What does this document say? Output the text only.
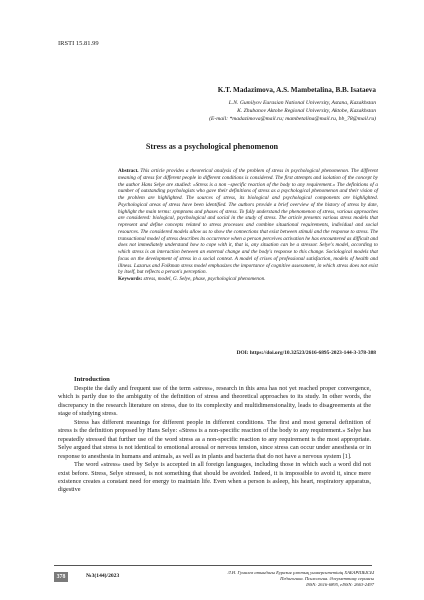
IRSTI 15.81.99
K.T. Madazimova, A.S. Mambetalina, B.B. Isataeva
L.N. Gumilyov Eurasian National University, Astana, Kazakhstan
K. Zhubanov Aktobe Regional University, Aktobe, Kazakhstan
(E-mail: *madazimova@mail.ru; mambetalina@mail.ru, bb_78@mail.ru)
Stress as a psychological phenomenon
Abstract. This article provides a theoretical analysis of the problem of stress in psychological phenomenon. The different meaning of stress for different people in different conditions is considered. The first attempts and isolation of the concept by the author Hans Selye are studied: «Stress is a non –specific reaction of the body to any requirement.» The definitions of a number of outstanding psychologists who gave their definitions of stress as a psychological phenomenon and their vision of the problem are highlighted. The sources of stress, its biological and psychological components are highlighted. Psychological areas of stress have been identified. The authors provide a brief overview of the history of stress by date, highlight the main terms: symptoms and phases of stress. To fully understand the phenomenon of stress, various approaches are considered: biological, psychological and social in the study of stress. The article presents various stress models that represent and define concepts related to stress processes and combine situational requirements, individual and social resources. The considered models allow us to show the connections that exist between stimuli and the response to stress. The transactional model of stress describes its occurrence when a person perceives activation he has encountered as difficult and does not immediately understand how to cope with it, that is, any situation can be a stressor. Selye's model, according to which stress is an interaction between an external change and the body's response to this change. Sociological models that focus on the development of stress in a social context. A model of crises of professional satisfaction, models of health and illness. Lazarus and Folkman stress model emphasizes the importance of cognitive assessment, in which stress does not exist by itself, but reflects a person's perception.
Keywords: stress, model, G. Selye, phase, psychological phenomenon.
DOI: https://doi.org/10.32523/2616-6895-2023-144-3-378-388
Introduction

Despite the daily and frequent use of the term «stress», research in this area has not yet reached proper convergence, which is partly due to the ambiguity of the definition of stress and theoretical approaches to its study. In other words, the discrepancy in the research literature on stress, due to its complexity and multidimensionality, leads to disagreements at the stage of studying stress.

Stress has different meanings for different people in different conditions. The first and most general definition of stress is the definition proposed by Hans Selye: «Stress is a non-specific reaction of the body to any requirement.» Selye has repeatedly stressed that further use of the word stress as a non-specific reaction to any requirement is the most appropriate. Selye argued that stress is not identical to emotional arousal or nervous tension, since stress can occur under anesthesia or in response to anesthesia in humans and animals, as well as in plants and bacteria that do not have a nervous system [1].

The word «stress» used by Selye is accepted in all foreign languages, including those in which such a word did not exist before. Stress, Selye stressed, is not something that should be avoided. Indeed, it is impossible to avoid it, since mere existence creates a constant need for energy to maintain life. Even when a person is asleep, his heart, respiratory apparatus, digestive

378	№3(144)/2023
Л.Н. Гумилев атындағы Еуразия ұлттық университетінің ХАБАРШЫСЫ
Педагогика. Психология. Әлеуметтану сериясы
ISSN: 2616-6895, eISSN: 2663-2497
